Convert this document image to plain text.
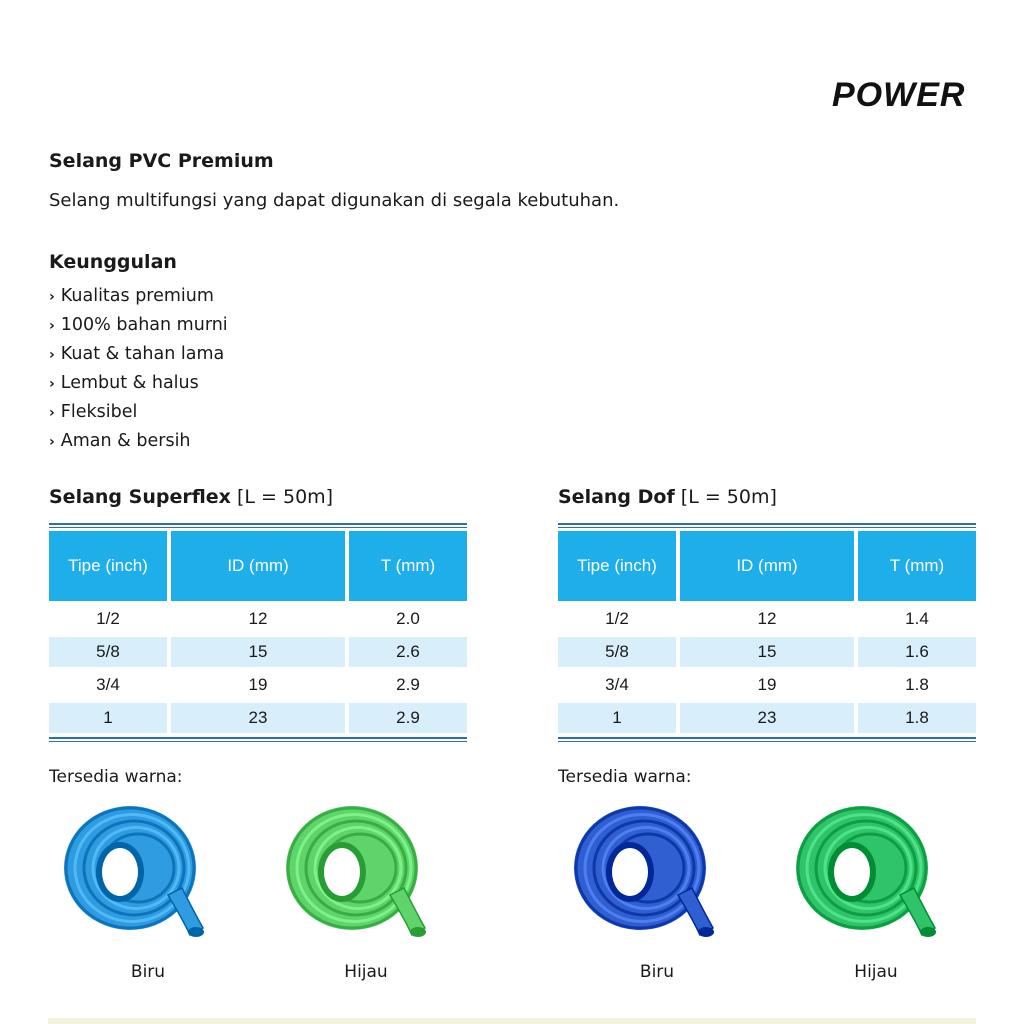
POWER
Selang PVC Premium
Selang multifungsi yang dapat digunakan di segala kebutuhan.
Keunggulan
› Kualitas premium
› 100% bahan murni
› Kuat & tahan lama
› Lembut & halus
› Fleksibel
› Aman & bersih
Selang Superflex [L = 50m]
Tipe (inch)	ID (mm)	T (mm)
1/2	12	2.0
5/8	15	2.6
3/4	19	2.9
1	23	2.9
Selang Dof [L = 50m]
Tipe (inch)	ID (mm)	T (mm)
1/2	12	1.4
5/8	15	1.6
3/4	19	1.8
1	23	1.8
Tersedia warna:	Tersedia warna:
Biru	Hijau	Biru	Hijau
